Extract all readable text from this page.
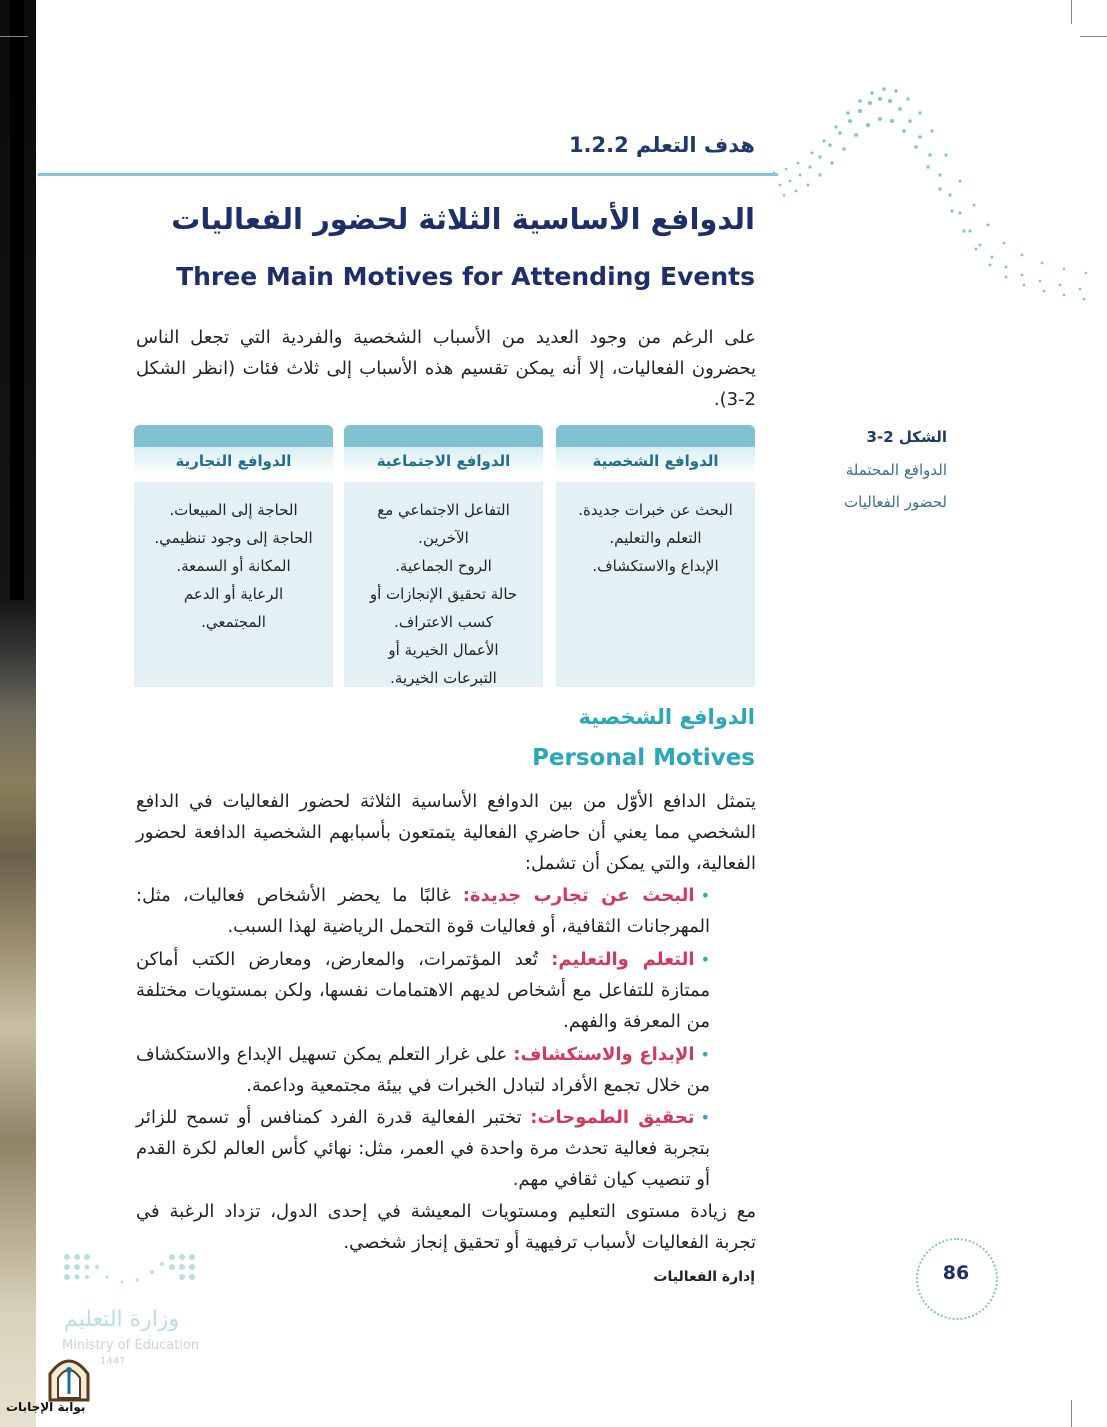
هدف التعلم 1.2.2
الدوافع الأساسية الثلاثة لحضور الفعاليات
Three Main Motives for Attending Events
على الرغم من وجود العديد من الأسباب الشخصية والفردية التي تجعل الناس يحضرون الفعاليات، إلا أنه يمكن تقسيم هذه الأسباب إلى ثلاث فئات (انظر الشكل 2-3).
الشكل 2-3
الدوافع المحتملة
لحضور الفعاليات
الدوافع الشخصية
البحث عن خبرات جديدة.
التعلم والتعليم.
الإبداع والاستكشاف.
الدوافع الاجتماعية
التفاعل الاجتماعي مع
الآخرين.
الروح الجماعية.
حالة تحقيق الإنجازات أو
كسب الاعتراف.
الأعمال الخيرية أو
التبرعات الخيرية.
الدوافع التجارية
الحاجة إلى المبيعات.
الحاجة إلى وجود تنظيمي.
المكانة أو السمعة.
الرعاية أو الدعم
المجتمعي.
الدوافع الشخصية
Personal Motives
يتمثل الدافع الأوّل من بين الدوافع الأساسية الثلاثة لحضور الفعاليات في الدافع الشخصي مما يعني أن حاضري الفعالية يتمتعون بأسبابهم الشخصية الدافعة لحضور الفعالية، والتي يمكن أن تشمل:
•البحث عن تجارب جديدة: غالبًا ما يحضر الأشخاص فعاليات، مثل: المهرجانات الثقافية، أو فعاليات قوة التحمل الرياضية لهذا السبب.
•التعلم والتعليم: تُعد المؤتمرات، والمعارض، ومعارض الكتب أماكن ممتازة للتفاعل مع أشخاص لديهم الاهتمامات نفسها، ولكن بمستويات مختلفة من المعرفة والفهم.
•الإبداع والاستكشاف: على غرار التعلم يمكن تسهيل الإبداع والاستكشاف من خلال تجمع الأفراد لتبادل الخبرات في بيئة مجتمعية وداعمة.
•تحقيق الطموحات: تختبر الفعالية قدرة الفرد كمنافس أو تسمح للزائر بتجربة فعالية تحدث مرة واحدة في العمر، مثل: نهائي كأس العالم لكرة القدم أو تنصيب كيان ثقافي مهم.
مع زيادة مستوى التعليم ومستويات المعيشة في إحدى الدول، تزداد الرغبة في تجربة الفعاليات لأسباب ترفيهية أو تحقيق إنجاز شخصي.
إدارة الفعاليات	86
وزارة التعليم
Ministry of Education
1447
بوابة الإجابات
